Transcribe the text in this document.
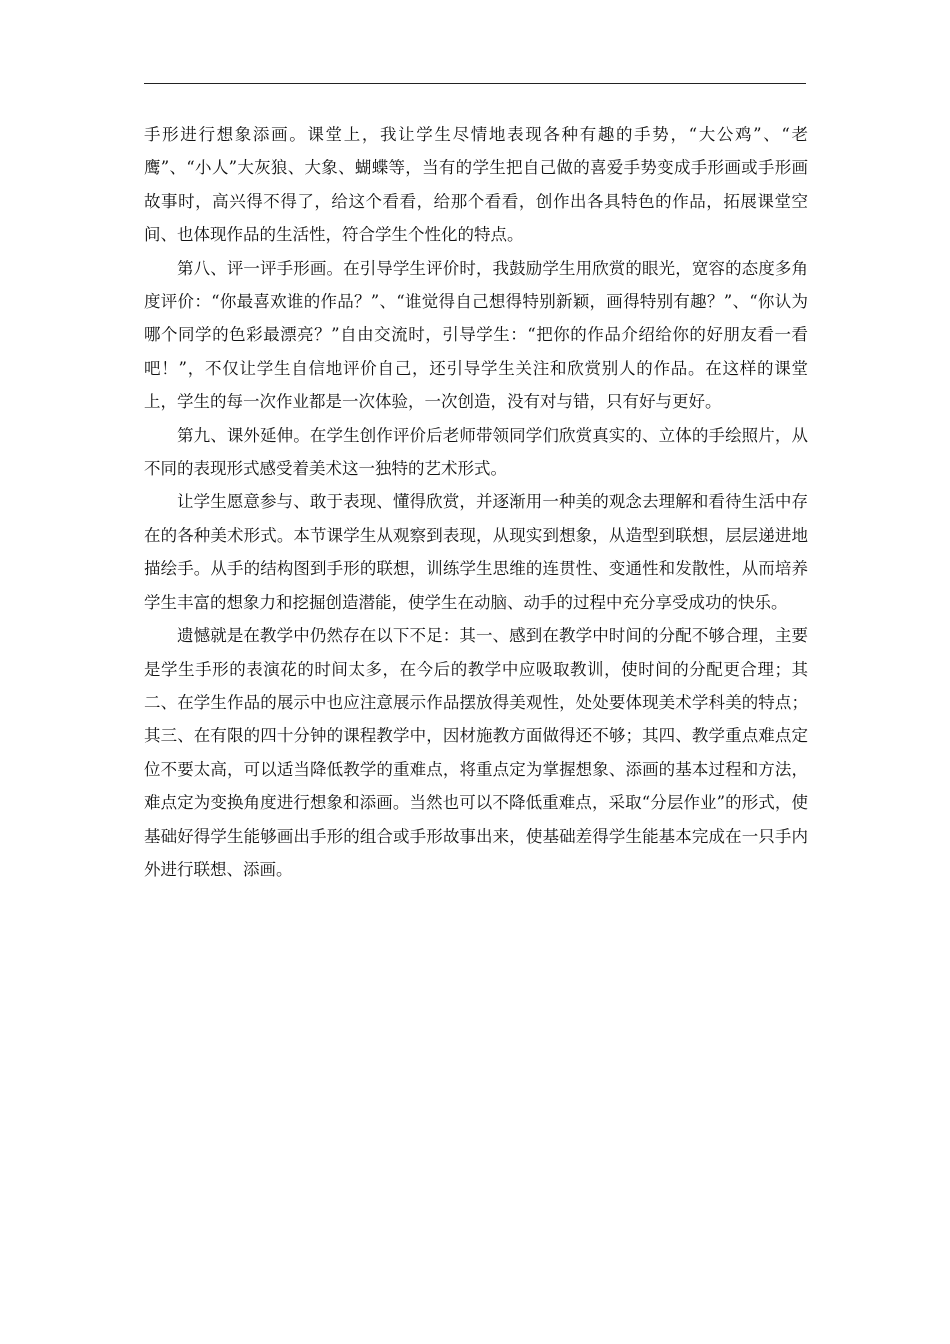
手形进行想象添画。课堂上，我让学生尽情地表现各种有趣的手势，“大公鸡”、“老鹰”、“小人”大灰狼、大象、蝴蝶等，当有的学生把自己做的喜爱手势变成手形画或手形画故事时，高兴得不得了，给这个看看，给那个看看，创作出各具特色的作品，拓展课堂空间、也体现作品的生活性，符合学生个性化的特点。

第八、评一评手形画。在引导学生评价时，我鼓励学生用欣赏的眼光，宽容的态度多角度评价：“你最喜欢谁的作品？”、“谁觉得自己想得特别新颖，画得特别有趣？”、“你认为哪个同学的色彩最漂亮？”自由交流时，引导学生：“把你的作品介绍给你的好朋友看一看吧！”，不仅让学生自信地评价自己，还引导学生关注和欣赏别人的作品。在这样的课堂上，学生的每一次作业都是一次体验，一次创造，没有对与错，只有好与更好。

第九、课外延伸。在学生创作评价后老师带领同学们欣赏真实的、立体的手绘照片，从不同的表现形式感受着美术这一独特的艺术形式。

让学生愿意参与、敢于表现、懂得欣赏，并逐渐用一种美的观念去理解和看待生活中存在的各种美术形式。本节课学生从观察到表现，从现实到想象，从造型到联想，层层递进地描绘手。从手的结构图到手形的联想，训练学生思维的连贯性、变通性和发散性，从而培养学生丰富的想象力和挖掘创造潜能，使学生在动脑、动手的过程中充分享受成功的快乐。

遗憾就是在教学中仍然存在以下不足：其一、感到在教学中时间的分配不够合理，主要是学生手形的表演花的时间太多，在今后的教学中应吸取教训，使时间的分配更合理；其二、在学生作品的展示中也应注意展示作品摆放得美观性，处处要体现美术学科美的特点；其三、在有限的四十分钟的课程教学中，因材施教方面做得还不够；其四、教学重点难点定位不要太高，可以适当降低教学的重难点，将重点定为掌握想象、添画的基本过程和方法，难点定为变换角度进行想象和添画。当然也可以不降低重难点，采取“分层作业”的形式，使基础好得学生能够画出手形的组合或手形故事出来，使基础差得学生能基本完成在一只手内外进行联想、添画。
